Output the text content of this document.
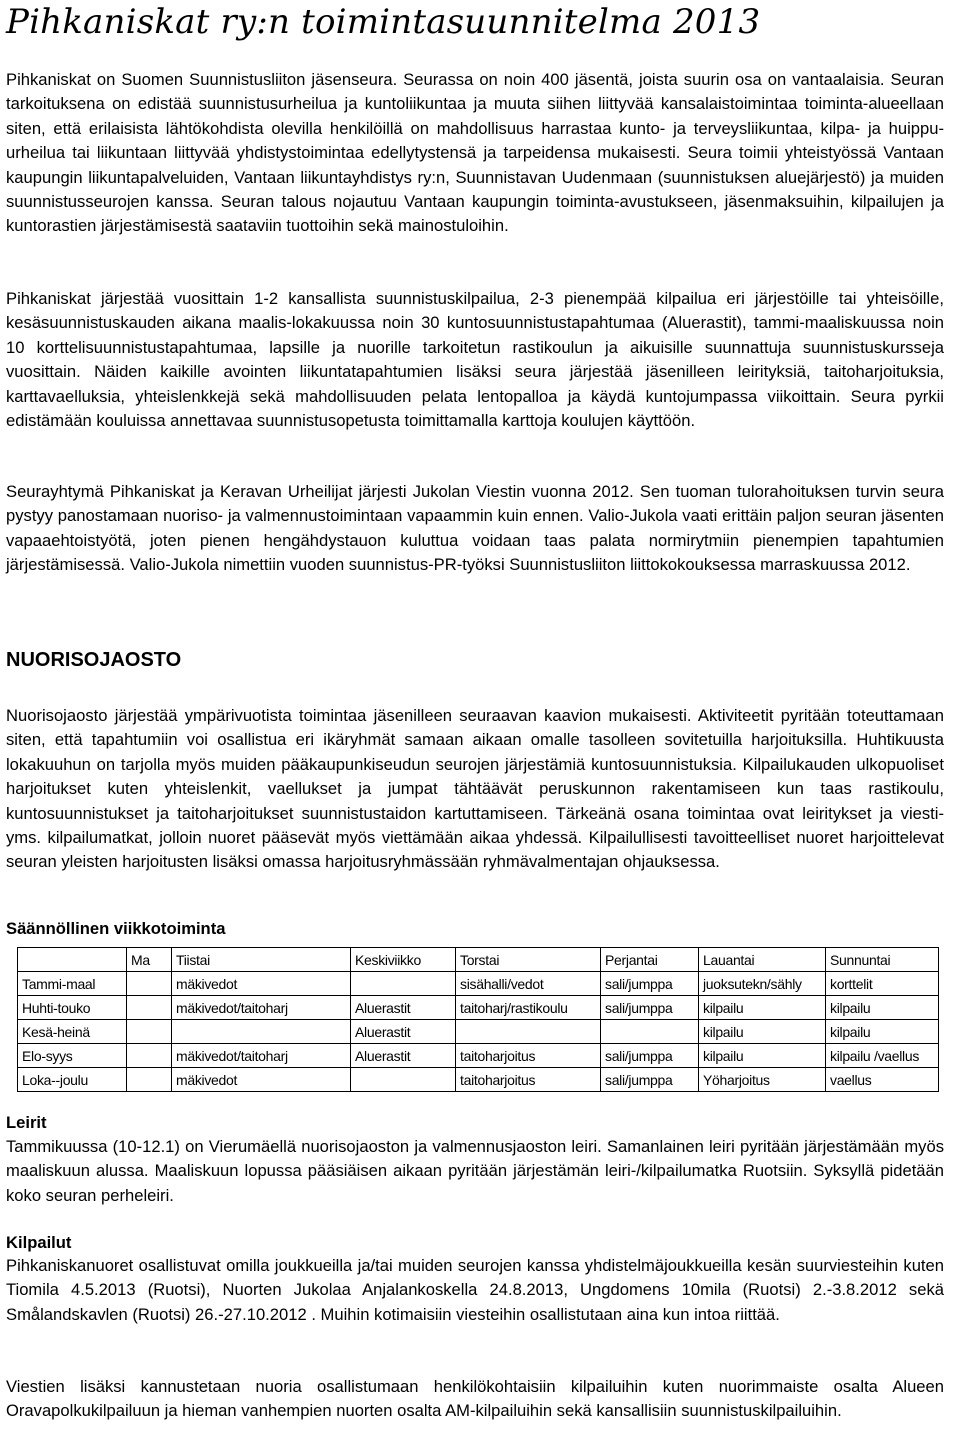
Pihkaniskat ry:n toimintasuunnitelma 2013

Pihkaniskat on Suomen Suunnistusliiton jäsenseura. Seurassa on noin 400 jäsentä, joista suurin osa on vantaalaisia. Seuran tarkoituksena on edistää suunnistusurheilua ja kuntoliikuntaa ja muuta siihen liittyvää kansalaistoimintaa toiminta-alueellaan siten, että erilaisista lähtökohdista olevilla henkilöillä on mahdollisuus harrastaa kunto- ja terveysliikuntaa, kilpa- ja huippu-urheilua tai liikuntaan liittyvää yhdistystoimintaa edellytystensä ja tarpeidensa mukaisesti. Seura toimii yhteistyössä Vantaan kaupungin liikuntapalveluiden, Vantaan liikuntayhdistys ry:n, Suunnistavan Uudenmaan (suunnistuksen aluejärjestö) ja muiden suunnistusseurojen kanssa. Seuran talous nojautuu Vantaan kaupungin toiminta-avustukseen, jäsenmaksuihin, kilpailujen ja kuntorastien järjestämisestä saataviin tuottoihin sekä mainostuloihin.

Pihkaniskat järjestää vuosittain 1-2 kansallista suunnistuskilpailua, 2-3 pienempää kilpailua eri järjestöille tai yhteisöille, kesäsuunnistuskauden aikana maalis-lokakuussa noin 30 kuntosuunnistustapahtumaa (Aluerastit), tammi-maaliskuussa noin 10 korttelisuunnistustapahtumaa, lapsille ja nuorille tarkoitetun rastikoulun ja aikuisille suunnattuja suunnistuskursseja vuosittain. Näiden kaikille avointen liikuntatapahtumien lisäksi seura järjestää jäsenilleen leirityksiä, taitoharjoituksia, karttavaelluksia, yhteislenkkejä sekä mahdollisuuden pelata lentopalloa ja käydä kuntojumpassa viikoittain. Seura pyrkii edistämään kouluissa annettavaa suunnistusopetusta toimittamalla karttoja koulujen käyttöön.

Seurayhtymä Pihkaniskat ja Keravan Urheilijat järjesti Jukolan Viestin vuonna 2012. Sen tuoman tulorahoituksen turvin seura pystyy panostamaan nuoriso- ja valmennustoimintaan vapaammin kuin ennen. Valio-Jukola vaati erittäin paljon seuran jäsenten vapaaehtoistyötä, joten pienen hengähdystauon kuluttua voidaan taas palata normirytmiin pienempien tapahtumien järjestämisessä. Valio-Jukola nimettiin vuoden suunnistus-PR-työksi Suunnistusliiton liittokokouksessa marraskuussa 2012.

NUORISOJAOSTO

Nuorisojaosto järjestää ympärivuotista toimintaa jäsenilleen seuraavan kaavion mukaisesti. Aktiviteetit pyritään toteuttamaan siten, että tapahtumiin voi osallistua eri ikäryhmät samaan aikaan omalle tasolleen sovitetuilla harjoituksilla. Huhtikuusta lokakuuhun on tarjolla myös muiden pääkaupunkiseudun seurojen järjestämiä kuntosuunnistuksia. Kilpailukauden ulkopuoliset harjoitukset kuten yhteislenkit, vaellukset ja jumpat tähtäävät peruskunnon rakentamiseen kun taas rastikoulu, kuntosuunnistukset ja taitoharjoitukset suunnistustaidon kartuttamiseen. Tärkeänä osana toimintaa ovat leiritykset ja viesti- yms. kilpailumatkat, jolloin nuoret pääsevät myös viettämään aikaa yhdessä. Kilpailullisesti tavoitteelliset nuoret harjoittelevat seuran yleisten harjoitusten lisäksi omassa harjoitusryhmässään ryhmävalmentajan ohjauksessa.

Säännöllinen viikkotoiminta
	Ma	Tiistai	Keskiviikko	Torstai	Perjantai	Lauantai	Sunnuntai
Tammi-maal		mäkivedot		sisähalli/vedot	sali/jumppa	juoksutekn/sähly	korttelit
Huhti-touko		mäkivedot/taitoharj	Aluerastit	taitoharj/rastikoulu	sali/jumppa	kilpailu	kilpailu
Kesä-heinä			Aluerastit			kilpailu	kilpailu
Elo-syys		mäkivedot/taitoharj	Aluerastit	taitoharjoitus	sali/jumppa	kilpailu	kilpailu /vaellus
Loka--joulu		mäkivedot		taitoharjoitus	sali/jumppa	Yöharjoitus	vaellus
Leirit

Tammikuussa (10-12.1) on Vierumäellä nuorisojaoston ja valmennusjaoston leiri. Samanlainen leiri pyritään järjestämään myös maaliskuun alussa. Maaliskuun lopussa pääsiäisen aikaan pyritään järjestämän leiri-/kilpailumatka Ruotsiin. Syksyllä pidetään koko seuran perheleiri.

Kilpailut

Pihkaniskanuoret osallistuvat omilla joukkueilla ja/tai muiden seurojen kanssa yhdistelmäjoukkueilla kesän suurviesteihin kuten Tiomila 4.5.2013 (Ruotsi), Nuorten Jukolaa Anjalankoskella 24.8.2013, Ungdomens 10mila (Ruotsi) 2.-3.8.2012 sekä Smålandskavlen (Ruotsi) 26.-27.10.2012 . Muihin kotimaisiin viesteihin osallistutaan aina kun intoa riittää.

Viestien lisäksi kannustetaan nuoria osallistumaan henkilökohtaisiin kilpailuihin kuten nuorimmaiste osalta Alueen Oravapolkukilpailuun ja hieman vanhempien nuorten osalta AM-kilpailuihin sekä kansallisiin suunnistuskilpailuihin.
